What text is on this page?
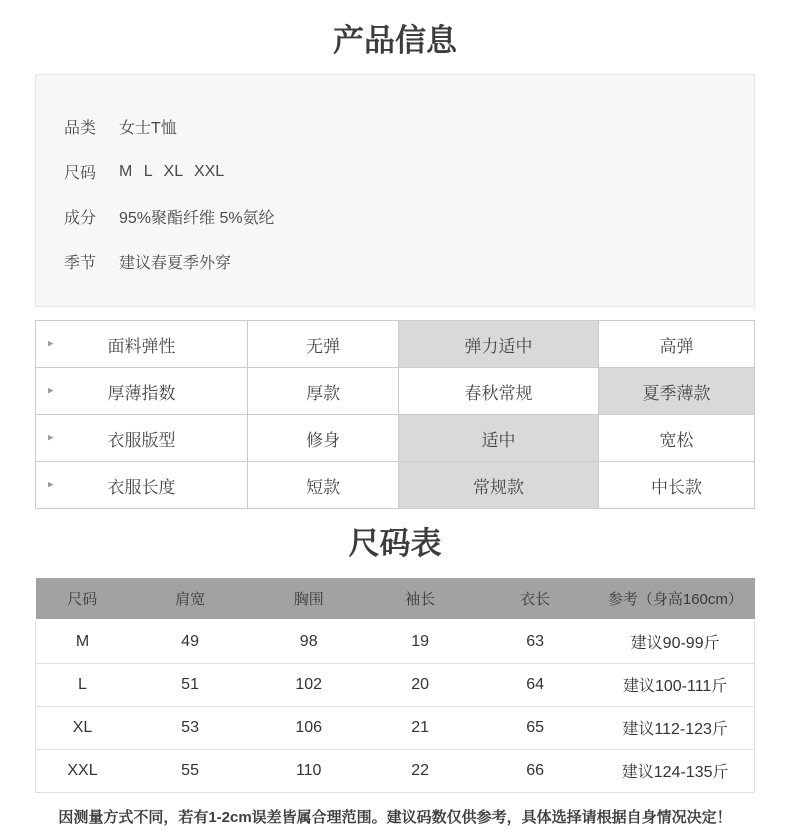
产品信息
品类	女士T恤
尺码	M L XL XXL
成分	95%聚酯纤维 5%氨纶
季节	建议春夏季外穿
▸ 面料弹性	无弹	弹力适中	高弹

▸ 厚薄指数	厚款	春秋常规	夏季薄款

▸ 衣服版型	修身	适中	宽松

▸ 衣服长度	短款	常规款	中长款
尺码表
尺码	肩宽	胸围	袖长	衣长	参考（身高160cm）
M	49	98	19	63	建议90-99斤
L	51	102	20	64	建议100-111斤
XL	53	106	21	65	建议112-123斤
XXL	55	110	22	66	建议124-135斤

因测量方式不同，若有1-2cm误差皆属合理范围。建议码数仅供参考，具体选择请根据自身情况决定！
